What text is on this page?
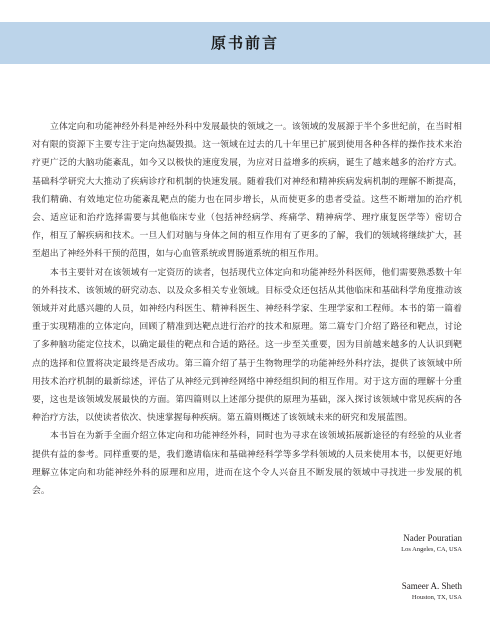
原书前言

立体定向和功能神经外科是神经外科中发展最快的领域之一。该领域的发展源于半个多世纪前，在当时相对有限的资源下主要专注于定向热凝毁损。这一领域在过去的几十年里已扩展到使用各种各样的操作技术来治疗更广泛的大脑功能紊乱，如今又以极快的速度发展，为应对日益增多的疾病，诞生了越来越多的治疗方式。基础科学研究大大推动了疾病诊疗和机制的快速发展。随着我们对神经和精神疾病发病机制的理解不断提高，我们精确、有效地定位功能紊乱靶点的能力也在同步增长，从而使更多的患者受益。这些不断增加的治疗机会、适应证和治疗选择需要与其他临床专业（包括神经病学、疼痛学、精神病学、理疗康复医学等）密切合作，相互了解疾病和技术。一旦人们对脑与身体之间的相互作用有了更多的了解，我们的领域将继续扩大，甚至超出了神经外科干预的范围，如与心血管系统或胃肠道系统的相互作用。

本书主要针对在该领域有一定资历的读者，包括现代立体定向和功能神经外科医师，他们需要熟悉数十年的外科技术、该领域的研究动态、以及众多相关专业领域。目标受众还包括从其他临床和基础科学角度推动该领域并对此感兴趣的人员，如神经内科医生、精神科医生、神经科学家、生理学家和工程师。本书的第一篇着重于实现精准的立体定向，回顾了精准到达靶点进行治疗的技术和原理。第二篇专门介绍了路径和靶点，讨论了多种脑功能定位技术，以确定最佳的靶点和合适的路径。这一步至关重要，因为目前越来越多的人认识到靶点的选择和位置将决定最终是否成功。第三篇介绍了基于生物物理学的功能神经外科疗法，提供了该领域中所用技术治疗机制的最新综述，评估了从神经元到神经网络中神经组织间的相互作用。对于这方面的理解十分重要，这也是该领域发展最快的方面。第四篇则以上述部分提供的原理为基础，深入探讨该领域中常见疾病的各种治疗方法，以使读者依次、快速掌握每种疾病。第五篇则概述了该领域未来的研究和发展蓝图。

本书旨在为新手全面介绍立体定向和功能神经外科，同时也为寻求在该领域拓展新途径的有经验的从业者提供有益的参考。同样重要的是，我们邀请临床和基础神经科学等多学科领域的人员来使用本书，以便更好地理解立体定向和功能神经外科的原理和应用，进而在这个令人兴奋且不断发展的领域中寻找进一步发展的机会。

Nader Pouratian
Los Angeles, CA, USA
Sameer A. Sheth
Houston, TX, USA
